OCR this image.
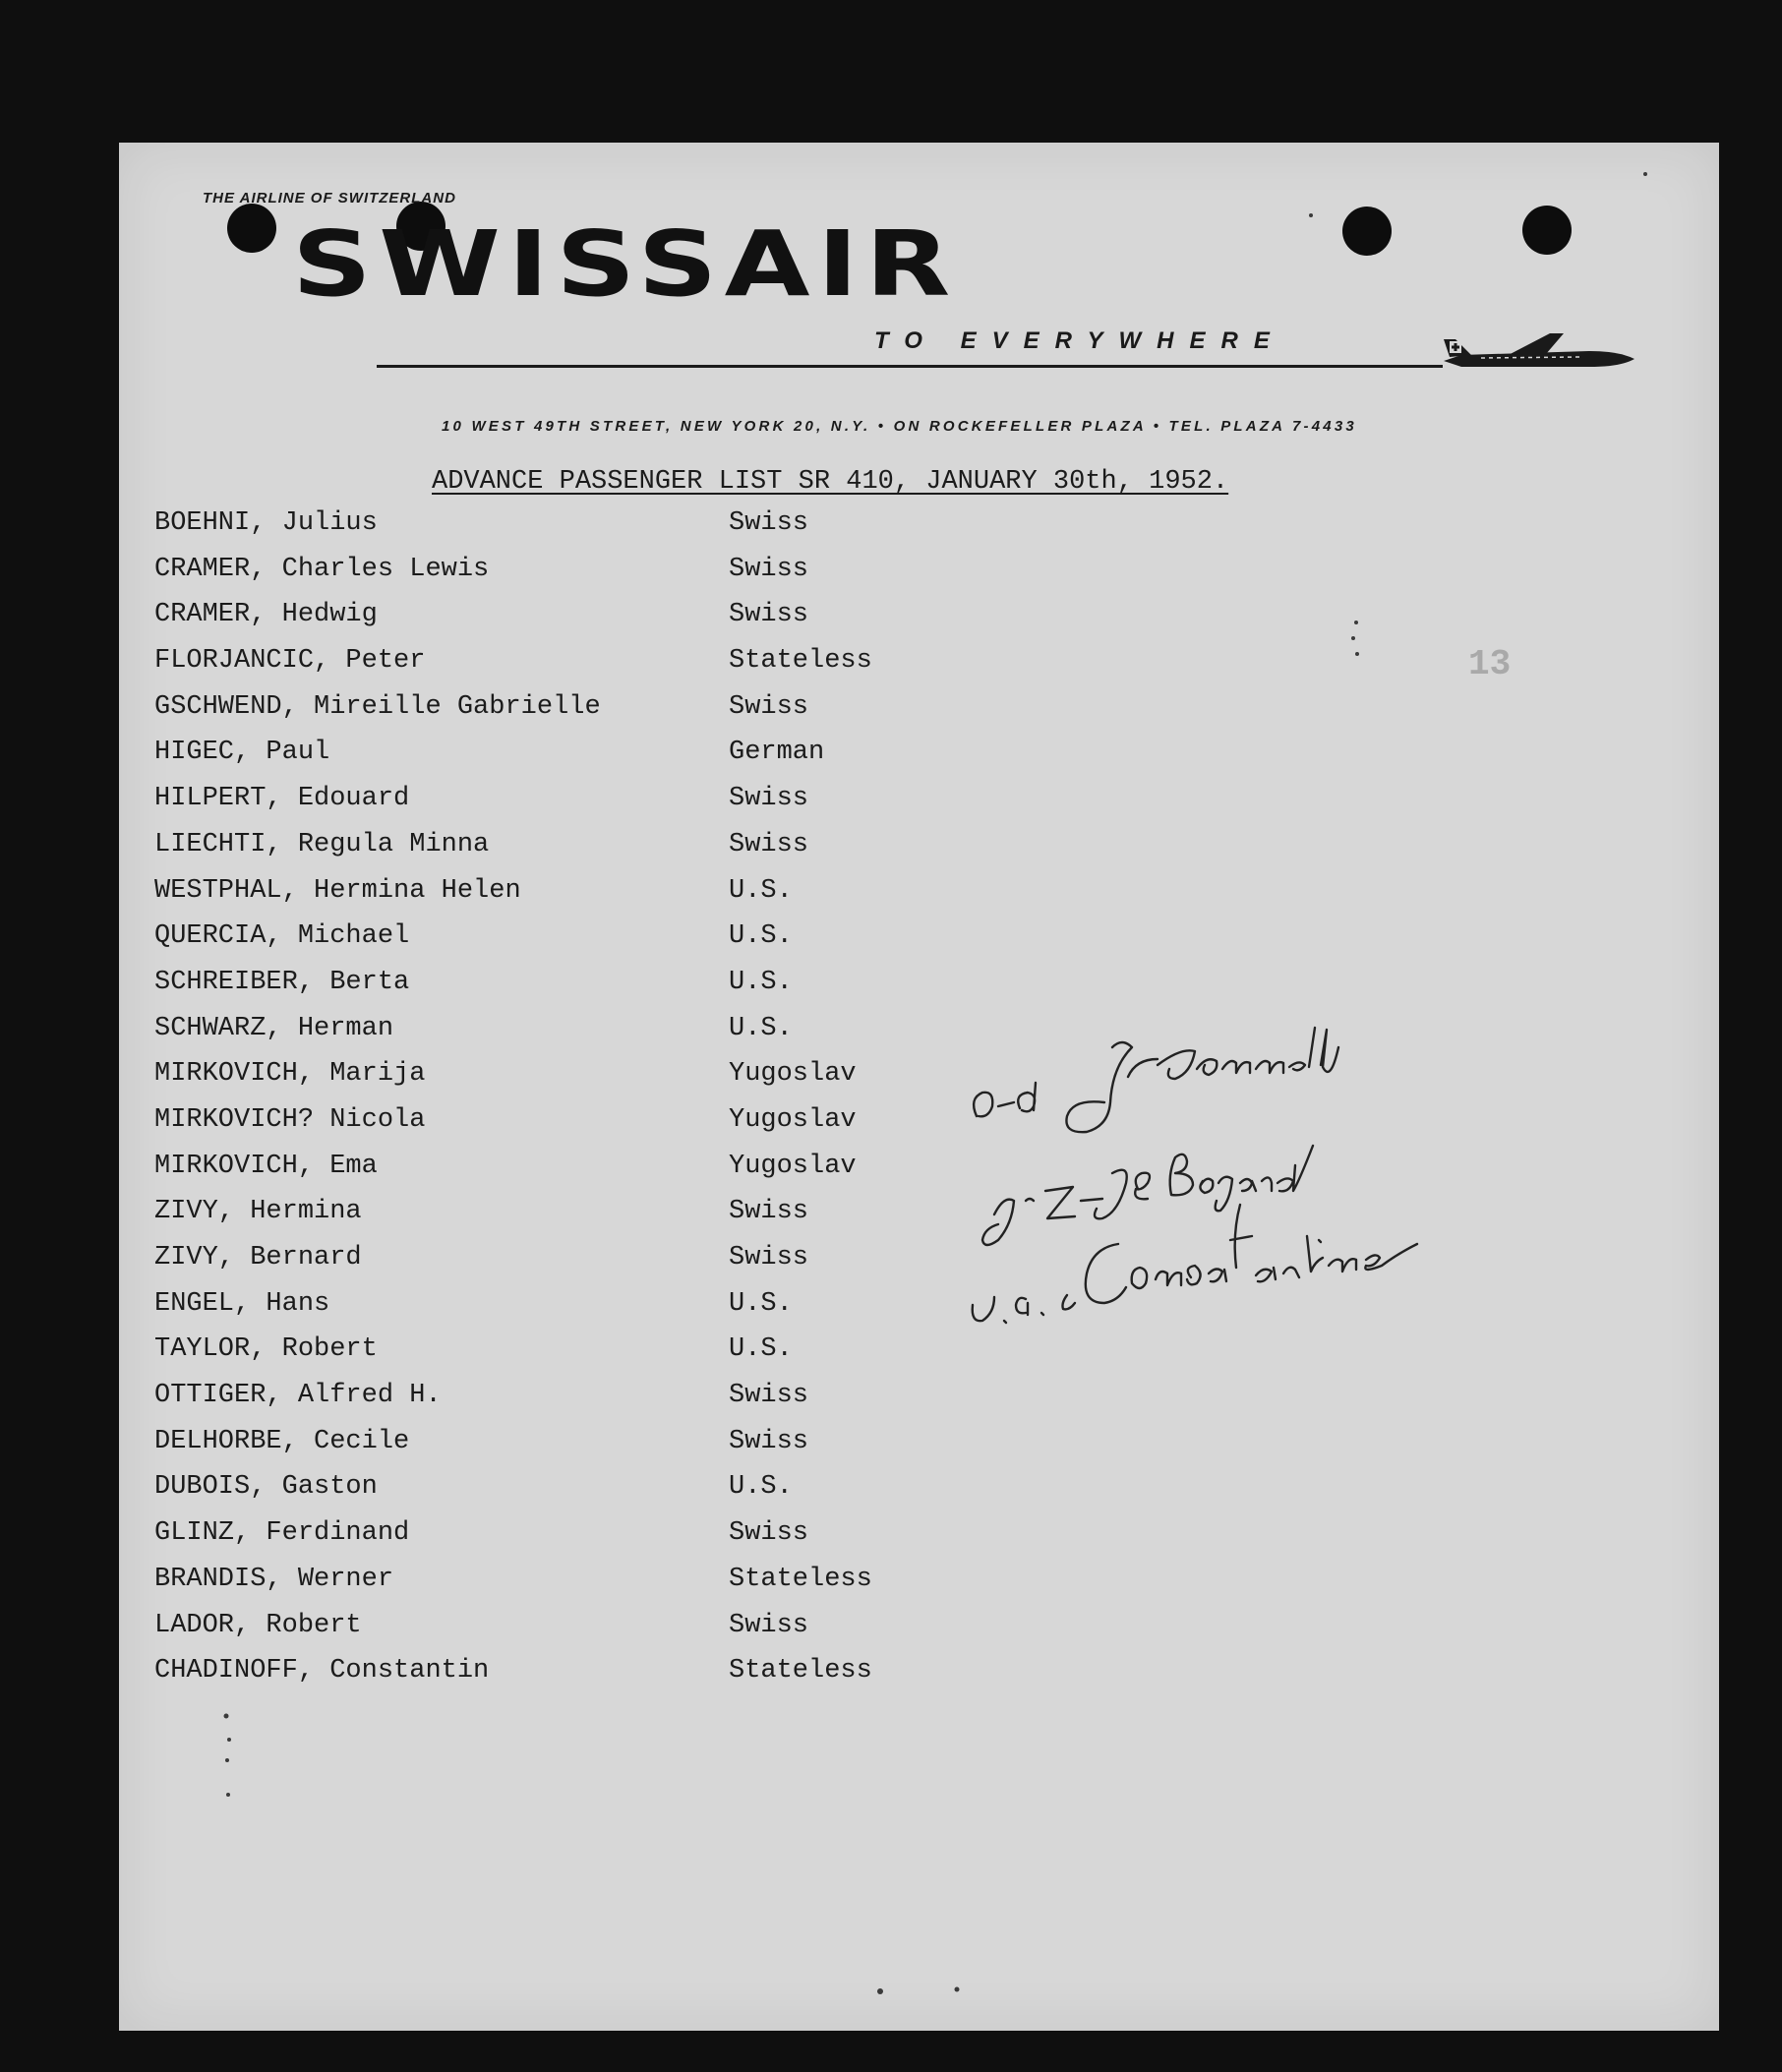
THE AIRLINE OF SWITZERLAND
SWISSAIR
TO EVERYWHERE
10 WEST 49TH STREET, NEW YORK 20, N.Y. • ON ROCKEFELLER PLAZA • TEL. PLAZA 7-4433
ADVANCE PASSENGER LIST SR 410, JANUARY 30th, 1952.
13
BOEHNI, Julius	Swiss
CRAMER, Charles Lewis	Swiss
CRAMER, Hedwig	Swiss
FLORJANCIC, Peter	Stateless
GSCHWEND, Mireille Gabrielle	Swiss
HIGEC, Paul	German
HILPERT, Edouard	Swiss
LIECHTI, Regula Minna	Swiss
WESTPHAL, Hermina Helen	U.S.
QUERCIA, Michael	U.S.
SCHREIBER, Berta	U.S.
SCHWARZ, Herman	U.S.
MIRKOVICH, Marija	Yugoslav
MIRKOVICH? Nicola	Yugoslav
MIRKOVICH, Ema	Yugoslav
ZIVY, Hermina	Swiss
ZIVY, Bernard	Swiss
ENGEL, Hans	U.S.
TAYLOR, Robert	U.S.
OTTIGER, Alfred H.	Swiss
DELHORBE, Cecile	Swiss
DUBOIS, Gaston	U.S.
GLINZ, Ferdinand	Swiss
BRANDIS, Werner	Stateless
LADOR, Robert	Swiss
CHADINOFF, Constantin	Stateless
